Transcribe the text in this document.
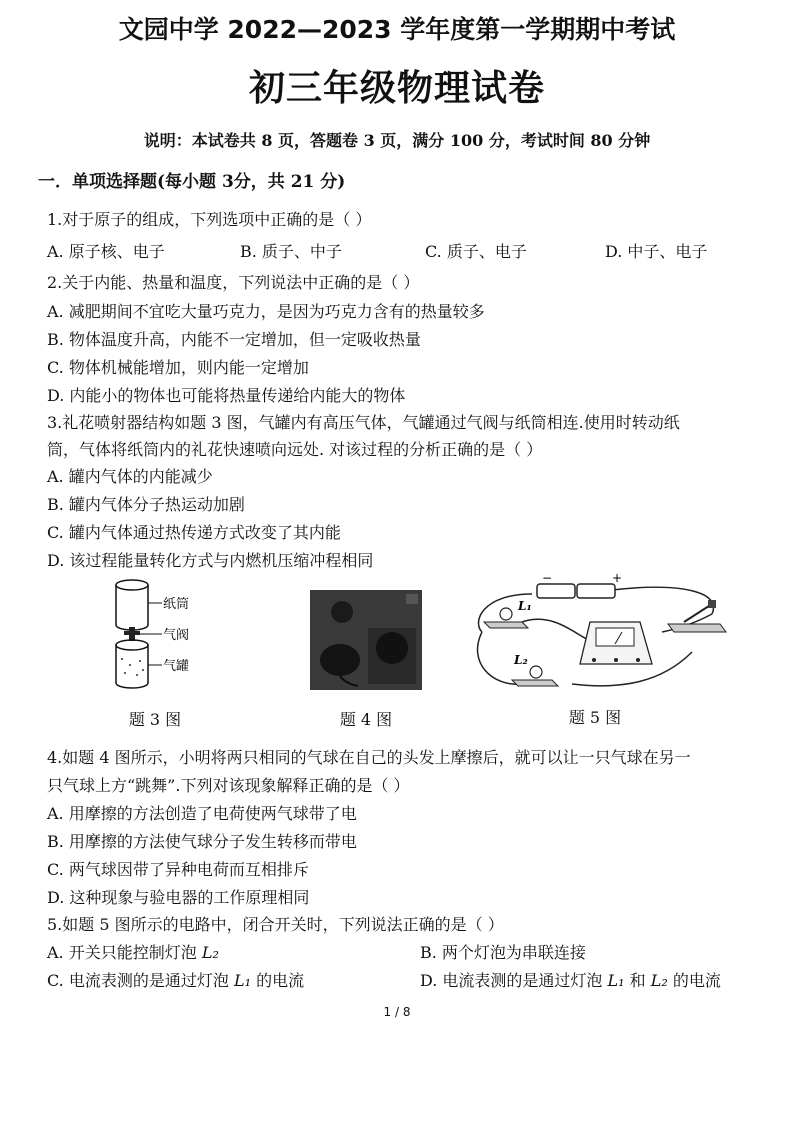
文园中学 2022—2023 学年度第一学期期中考试
初三年级物理试卷
说明：本试卷共 8 页，答题卷 3 页，满分 100 分，考试时间 80 分钟
一．单项选择题(每小题 3分，共 21 分)
1.对于原子的组成，下列选项中正确的是（ ）
A. 原子核、电子	B. 质子、中子	C. 质子、电子	D. 中子、电子
2.关于内能、热量和温度，下列说法中正确的是（ ）
A. 减肥期间不宜吃大量巧克力，是因为巧克力含有的热量较多
B. 物体温度升高，内能不一定增加，但一定吸收热量
C. 物体机械能增加，则内能一定增加
D. 内能小的物体也可能将热量传递给内能大的物体
3.礼花喷射器结构如题 3 图，气罐内有高压气体，气罐通过气阀与纸筒相连.使用时转动纸
筒，气体将纸筒内的礼花快速喷向远处. 对该过程的分析正确的是（ ）
A. 罐内气体的内能减少
B. 罐内气体分子热运动加剧
C. 罐内气体通过热传递方式改变了其内能
D. 该过程能量转化方式与内燃机压缩冲程相同
纸筒
气阀
气罐
−	+
L₁
L₂
题 3 图	题 4 图	题 5 图
4.如题 4 图所示，小明将两只相同的气球在自己的头发上摩擦后，就可以让一只气球在另一
只气球上方“跳舞”.下列对该现象解释正确的是（ ）
A. 用摩擦的方法创造了电荷使两气球带了电
B. 用摩擦的方法使气球分子发生转移而带电
C. 两气球因带了异种电荷而互相排斥
D. 这种现象与验电器的工作原理相同
5.如题 5 图所示的电路中，闭合开关时，下列说法正确的是（ ）
A. 开关只能控制灯泡 L₂	B. 两个灯泡为串联连接
C. 电流表测的是通过灯泡 L₁ 的电流	D. 电流表测的是通过灯泡 L₁ 和 L₂ 的电流
1 / 8
